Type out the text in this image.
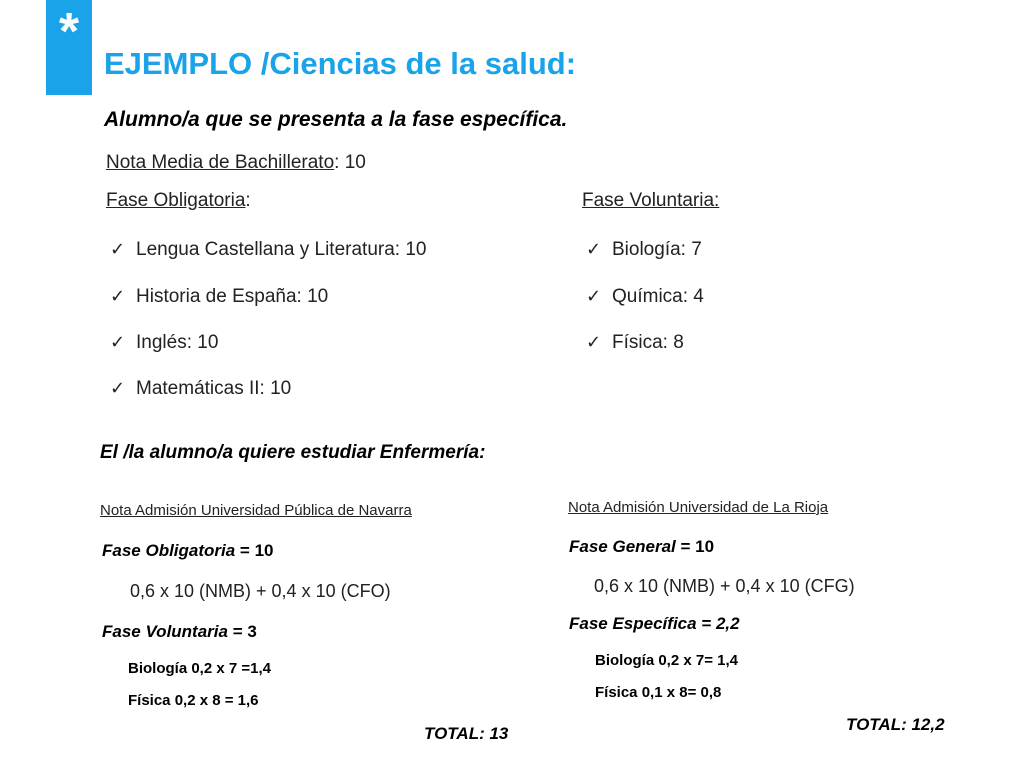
*
EJEMPLO /Ciencias de la salud:
Alumno/a que se presenta a la fase específica.
Nota Media de Bachillerato: 10
Fase Obligatoria:	Fase Voluntaria:
✓ Lengua Castellana y Literatura: 10
✓ Historia de España: 10
✓ Inglés: 10
✓ Matemáticas II: 10
✓ Biología: 7
✓ Química: 4
✓ Física: 8
El /la alumno/a quiere estudiar Enfermería:
Nota Admisión Universidad Pública de Navarra
Fase Obligatoria = 10
0,6 x 10 (NMB) + 0,4 x 10 (CFO)
Fase Voluntaria = 3
Biología 0,2 x 7 =1,4
Física 0,2 x 8 = 1,6
TOTAL: 13
Nota Admisión Universidad de La Rioja
Fase General = 10
0,6 x 10 (NMB) + 0,4 x 10 (CFG)
Fase Específica = 2,2
Biología 0,2 x 7= 1,4
Física 0,1 x 8= 0,8
TOTAL: 12,2
